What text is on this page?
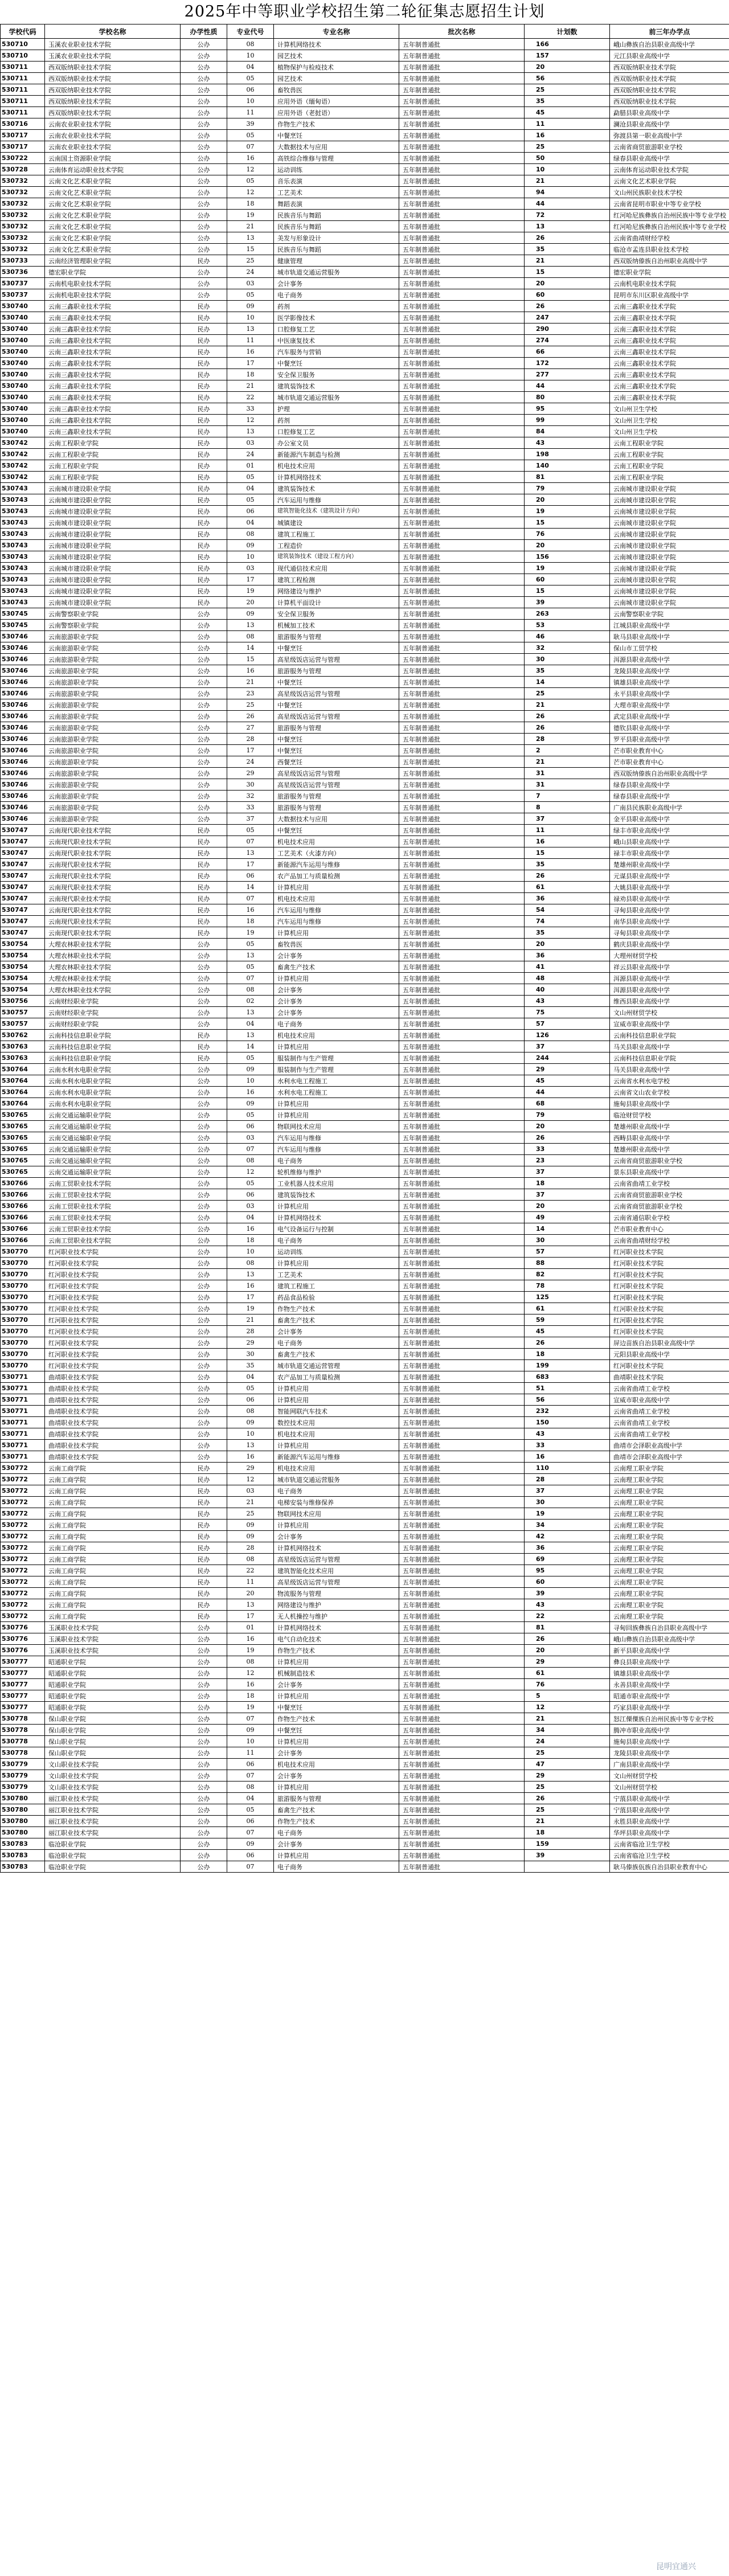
2025年中等职业学校招生第二轮征集志愿招生计划
学校代码	学校名称	办学性质	专业代号	专业名称	批次名称	计划数	前三年办学点
530710	玉溪农业职业技术学院	公办	08	计算机网络技术	五年制普通批	166	峨山彝族自治县职业高级中学
530710	玉溪农业职业技术学院	公办	10	园艺技术	五年制普通批	157	元江县职业高级中学
530711	西双版纳职业技术学院	公办	04	植物保护与检疫技术	五年制普通批	20	西双版纳职业技术学院
530711	西双版纳职业技术学院	公办	05	园艺技术	五年制普通批	56	西双版纳职业技术学院
530711	西双版纳职业技术学院	公办	06	畜牧兽医	五年制普通批	25	西双版纳职业技术学院
530711	西双版纳职业技术学院	公办	10	应用外语（缅甸语）	五年制普通批	35	西双版纳职业技术学院
530711	西双版纳职业技术学院	公办	11	应用外语（老挝语）	五年制普通批	45	勐腊县职业高级中学
530716	云南农业职业技术学院	公办	39	作物生产技术	五年制普通批	11	澜沧县职业高级中学
530717	云南农业职业技术学院	公办	05	中餐烹饪	五年制普通批	16	弥渡县第一职业高级中学
530717	云南农业职业技术学院	公办	07	大数据技术与应用	五年制普通批	25	云南省商贸旅游职业学校
530722	云南国土资源职业学院	公办	16	高铁综合维修与管理	五年制普通批	50	绿春县职业高级中学
530728	云南体育运动职业技术学院	公办	12	运动训练	五年制普通批	10	云南体育运动职业技术学院
530732	云南文化艺术职业学院	公办	05	音乐表演	五年制普通批	21	云南文化艺术职业学院
530732	云南文化艺术职业学院	公办	12	工艺美术	五年制普通批	94	文山州民族职业技术学校
530732	云南文化艺术职业学院	公办	18	舞蹈表演	五年制普通批	44	云南省昆明市职业中等专业学校
530732	云南文化艺术职业学院	公办	19	民族音乐与舞蹈	五年制普通批	72	红河哈尼族彝族自治州民族中等专业学校
530732	云南文化艺术职业学院	公办	21	民族音乐与舞蹈	五年制普通批	13	红河哈尼族彝族自治州民族中等专业学校
530732	云南文化艺术职业学院	公办	13	美发与形象设计	五年制普通批	26	云南省曲靖财经学校
530732	云南文化艺术职业学院	公办	15	民族音乐与舞蹈	五年制普通批	35	临沧市孟连县职业技术学校
530733	云南经济管理职业学院	民办	25	健康管理	五年制普通批	21	西双版纳傣族自治州职业高级中学
530736	德宏职业学院	公办	24	城市轨道交通运营服务	五年制普通批	15	德宏职业学院
530737	云南机电职业技术学院	公办	03	会计事务	五年制普通批	20	云南机电职业技术学院
530737	云南机电职业技术学院	公办	05	电子商务	五年制普通批	60	昆明市东川区职业高级中学
530740	云南三鑫职业技术学院	民办	09	药剂	五年制普通批	26	云南三鑫职业技术学院
530740	云南三鑫职业技术学院	民办	10	医学影像技术	五年制普通批	247	云南三鑫职业技术学院
530740	云南三鑫职业技术学院	民办	13	口腔修复工艺	五年制普通批	290	云南三鑫职业技术学院
530740	云南三鑫职业技术学院	民办	11	中医康复技术	五年制普通批	274	云南三鑫职业技术学院
530740	云南三鑫职业技术学院	民办	16	汽车服务与营销	五年制普通批	66	云南三鑫职业技术学院
530740	云南三鑫职业技术学院	民办	17	中餐烹饪	五年制普通批	172	云南三鑫职业技术学院
530740	云南三鑫职业技术学院	民办	18	安全保卫服务	五年制普通批	277	云南三鑫职业技术学院
530740	云南三鑫职业技术学院	民办	21	建筑装饰技术	五年制普通批	44	云南三鑫职业技术学院
530740	云南三鑫职业技术学院	民办	22	城市轨道交通运营服务	五年制普通批	80	云南三鑫职业技术学院
530740	云南三鑫职业技术学院	民办	33	护理	五年制普通批	95	文山州卫生学校
530740	云南三鑫职业技术学院	民办	12	药剂	五年制普通批	99	文山州卫生学校
530740	云南三鑫职业技术学院	民办	13	口腔修复工艺	五年制普通批	84	文山州卫生学校
530742	云南工程职业学院	民办	03	办公室文员	五年制普通批	43	云南工程职业学院
530742	云南工程职业学院	民办	24	新能源汽车制造与检测	五年制普通批	198	云南工程职业学院
530742	云南工程职业学院	民办	01	机电技术应用	五年制普通批	140	云南工程职业学院
530742	云南工程职业学院	民办	05	计算机网络技术	五年制普通批	81	云南工程职业学院
530743	云南城市建设职业学院	民办	04	建筑装饰技术	五年制普通批	79	云南城市建设职业学院
530743	云南城市建设职业学院	民办	05	汽车运用与维修	五年制普通批	20	云南城市建设职业学院
530743	云南城市建设职业学院	民办	06	建筑智能化技术（建筑设计方向）	五年制普通批	19	云南城市建设职业学院
530743	云南城市建设职业学院	民办	04	城镇建设	五年制普通批	15	云南城市建设职业学院
530743	云南城市建设职业学院	民办	08	建筑工程施工	五年制普通批	76	云南城市建设职业学院
530743	云南城市建设职业学院	民办	09	工程造价	五年制普通批	20	云南城市建设职业学院
530743	云南城市建设职业学院	民办	10	建筑装饰技术（建设工程方向）	五年制普通批	156	云南城市建设职业学院
530743	云南城市建设职业学院	民办	03	现代通信技术应用	五年制普通批	19	云南城市建设职业学院
530743	云南城市建设职业学院	民办	17	建筑工程检测	五年制普通批	60	云南城市建设职业学院
530743	云南城市建设职业学院	民办	19	网络建设与维护	五年制普通批	15	云南城市建设职业学院
530743	云南城市建设职业学院	民办	20	计算机平面设计	五年制普通批	39	云南城市建设职业学院
530745	云南警察职业学院	公办	09	安全保卫服务	五年制普通批	263	云南警察职业学院
530745	云南警察职业学院	公办	13	机械加工技术	五年制普通批	53	江城县职业高级中学
530746	云南旅游职业学院	公办	08	旅游服务与管理	五年制普通批	46	耿马县职业高级中学
530746	云南旅游职业学院	公办	14	中餐烹饪	五年制普通批	32	保山市工贸学校
530746	云南旅游职业学院	公办	15	高星级饭店运营与管理	五年制普通批	30	洱源县职业高级中学
530746	云南旅游职业学院	公办	16	旅游服务与管理	五年制普通批	35	龙陵县职业高级中学
530746	云南旅游职业学院	公办	21	中餐烹饪	五年制普通批	14	镇雄县职业高级中学
530746	云南旅游职业学院	公办	23	高星级饭店运营与管理	五年制普通批	25	永平县职业高级中学
530746	云南旅游职业学院	公办	25	中餐烹饪	五年制普通批	21	大理市职业高级中学
530746	云南旅游职业学院	公办	26	高星级饭店运营与管理	五年制普通批	26	武定县职业高级中学
530746	云南旅游职业学院	公办	27	旅游服务与管理	五年制普通批	26	德钦县职业高级中学
530746	云南旅游职业学院	公办	28	中餐烹饪	五年制普通批	28	罗平县职业高级中学
530746	云南旅游职业学院	公办	17	中餐烹饪	五年制普通批	2	芒市职业教育中心
530746	云南旅游职业学院	公办	24	西餐烹饪	五年制普通批	21	芒市职业教育中心
530746	云南旅游职业学院	公办	29	高星级饭店运营与管理	五年制普通批	31	西双版纳傣族自治州职业高级中学
530746	云南旅游职业学院	公办	30	高星级饭店运营与管理	五年制普通批	31	绿春县职业高级中学
530746	云南旅游职业学院	公办	32	旅游服务与管理	五年制普通批	7	绿春县职业高级中学
530746	云南旅游职业学院	公办	33	旅游服务与管理	五年制普通批	8	广南县民族职业高级中学
530746	云南旅游职业学院	公办	37	大数据技术与应用	五年制普通批	37	金平县职业高级中学
530747	云南现代职业技术学院	民办	05	中餐烹饪	五年制普通批	11	绿丰市职业高级中学
530747	云南现代职业技术学院	民办	07	机电技术应用	五年制普通批	16	峨山县职业高级中学
530747	云南现代职业技术学院	民办	13	工艺美术（火漆方向）	五年制普通批	15	禄丰市职业高级中学
530747	云南现代职业技术学院	民办	17	新能源汽车运用与维修	五年制普通批	35	楚雄州职业高级中学
530747	云南现代职业技术学院	民办	06	农产品加工与质量检测	五年制普通批	26	元谋县职业高级中学
530747	云南现代职业技术学院	民办	14	计算机应用	五年制普通批	61	大姚县职业高级中学
530747	云南现代职业技术学院	民办	07	机电技术应用	五年制普通批	36	禄劝县职业高级中学
530747	云南现代职业技术学院	民办	16	汽车运用与维修	五年制普通批	54	寻甸县职业高级中学
530747	云南现代职业技术学院	民办	18	汽车运用与维修	五年制普通批	74	南华县职业高级中学
530747	云南现代职业技术学院	民办	19	计算机应用	五年制普通批	35	寻甸县职业高级中学
530754	大理农林职业技术学院	公办	05	畜牧兽医	五年制普通批	20	鹤庆县职业高级中学
530754	大理农林职业技术学院	公办	13	会计事务	五年制普通批	36	大理州财贸学校
530754	大理农林职业技术学院	公办	05	畜禽生产技术	五年制普通批	41	祥云县职业高级中学
530754	大理农林职业技术学院	公办	07	计算机应用	五年制普通批	48	洱源县职业高级中学
530754	大理农林职业技术学院	公办	08	会计事务	五年制普通批	40	洱源县职业高级中学
530756	云南财经职业学院	公办	02	会计事务	五年制普通批	43	维西县职业高级中学
530757	云南财经职业学院	公办	13	会计事务	五年制普通批	75	文山州财贸学校
530757	云南财经职业学院	公办	04	电子商务	五年制普通批	57	宣威市职业高级中学
530762	云南科技信息职业学院	民办	13	机电技术应用	五年制普通批	126	云南科技信息职业学院
530763	云南科技信息职业学院	民办	14	计算机应用	五年制普通批	37	马关县职业高级中学
530763	云南科技信息职业学院	民办	05	服装制作与生产管理	五年制普通批	244	云南科技信息职业学院
530764	云南水利水电职业学院	公办	09	服装制作与生产管理	五年制普通批	29	马关县职业高级中学
530764	云南水利水电职业学院	公办	10	水利水电工程施工	五年制普通批	45	云南省水利水电学校
530764	云南水利水电职业学院	公办	16	水利水电工程施工	五年制普通批	44	云南省文山农业学校
530764	云南水利水电职业学院	公办	09	计算机应用	五年制普通批	68	施甸县职业高级中学
530765	云南交通运输职业学院	公办	05	计算机应用	五年制普通批	79	临沧财贸学校
530765	云南交通运输职业学院	公办	06	物联网技术应用	五年制普通批	20	楚雄州职业高级中学
530765	云南交通运输职业学院	公办	03	汽车运用与维修	五年制普通批	26	西畴县职业高级中学
530765	云南交通运输职业学院	公办	07	汽车运用与维修	五年制普通批	33	楚雄州职业高级中学
530765	云南交通运输职业学院	公办	08	电子商务	五年制普通批	23	云南省商贸旅游职业学校
530765	云南交通运输职业学院	公办	12	轮机维修与维护	五年制普通批	37	景东县职业高级中学
530766	云南工贸职业技术学院	公办	05	工业机器人技术应用	五年制普通批	18	云南省曲靖工业学校
530766	云南工贸职业技术学院	公办	06	建筑装饰技术	五年制普通批	37	云南省商贸旅游职业学校
530766	云南工贸职业技术学院	公办	03	计算机应用	五年制普通批	20	云南省商贸旅游职业学校
530766	云南工贸职业技术学院	公办	04	计算机网络技术	五年制普通批	49	云南省通信职业学校
530766	云南工贸职业技术学院	公办	16	电气设备运行与控制	五年制普通批	14	芒市职业教育中心
530766	云南工贸职业技术学院	公办	18	电子商务	五年制普通批	30	云南省曲靖财经学校
530770	红河职业技术学院	公办	10	运动训练	五年制普通批	57	红河职业技术学院
530770	红河职业技术学院	公办	08	计算机应用	五年制普通批	88	红河职业技术学院
530770	红河职业技术学院	公办	13	工艺美术	五年制普通批	82	红河职业技术学院
530770	红河职业技术学院	公办	16	建筑工程施工	五年制普通批	78	红河职业技术学院
530770	红河职业技术学院	公办	17	药品食品检验	五年制普通批	125	红河职业技术学院
530770	红河职业技术学院	公办	19	作物生产技术	五年制普通批	61	红河职业技术学院
530770	红河职业技术学院	公办	21	畜禽生产技术	五年制普通批	59	红河职业技术学院
530770	红河职业技术学院	公办	28	会计事务	五年制普通批	45	红河职业技术学院
530770	红河职业技术学院	公办	29	电子商务	五年制普通批	26	屏边苗族自治县职业高级中学
530770	红河职业技术学院	公办	30	畜禽生产技术	五年制普通批	18	元阳县职业高级中学
530770	红河职业技术学院	公办	35	城市轨道交通运营管理	五年制普通批	199	红河职业技术学院
530771	曲靖职业技术学院	公办	04	农产品加工与质量检测	五年制普通批	683	曲靖职业技术学院
530771	曲靖职业技术学院	公办	05	计算机应用	五年制普通批	51	云南省曲靖工业学校
530771	曲靖职业技术学院	公办	06	计算机应用	五年制普通批	56	宣威市职业高级中学
530771	曲靖职业技术学院	公办	08	智能网联汽车技术	五年制普通批	232	云南省曲靖工业学校
530771	曲靖职业技术学院	公办	09	数控技术应用	五年制普通批	150	云南省曲靖工业学校
530771	曲靖职业技术学院	公办	10	机电技术应用	五年制普通批	43	云南省曲靖工业学校
530771	曲靖职业技术学院	公办	13	计算机应用	五年制普通批	33	曲靖市会泽职业高级中学
530771	曲靖职业技术学院	公办	16	新能源汽车运用与维修	五年制普通批	16	曲靖市会泽职业高级中学
530772	云南工商学院	民办	29	机电技术应用	五年制普通批	110	云南理工职业学院
530772	云南工商学院	民办	12	城市轨道交通运营服务	五年制普通批	28	云南理工职业学院
530772	云南工商学院	民办	03	电子商务	五年制普通批	37	云南理工职业学院
530772	云南工商学院	民办	21	电梯安装与维修保养	五年制普通批	30	云南理工职业学院
530772	云南工商学院	民办	25	物联网技术应用	五年制普通批	19	云南理工职业学院
530772	云南工商学院	民办	09	计算机应用	五年制普通批	34	云南理工职业学院
530772	云南工商学院	民办	09	会计事务	五年制普通批	42	云南理工职业学院
530772	云南工商学院	民办	28	计算机网络技术	五年制普通批	36	云南理工职业学院
530772	云南工商学院	民办	08	高星级饭店运营与管理	五年制普通批	69	云南理工职业学院
530772	云南工商学院	民办	22	建筑智能化技术应用	五年制普通批	95	云南理工职业学院
530772	云南工商学院	民办	11	高星级饭店运营与管理	五年制普通批	60	云南理工职业学院
530772	云南工商学院	民办	20	物流服务与管理	五年制普通批	39	云南理工职业学院
530772	云南工商学院	民办	13	网络建设与维护	五年制普通批	43	云南理工职业学院
530772	云南工商学院	民办	17	无人机操控与维护	五年制普通批	22	云南理工职业学院
530776	玉溪职业技术学院	公办	01	计算机网络技术	五年制普通批	81	寻甸回族彝族自治县职业高级中学
530776	玉溪职业技术学院	公办	16	电气自动化技术	五年制普通批	26	峨山彝族自治县职业高级中学
530776	玉溪职业技术学院	公办	19	作物生产技术	五年制普通批	20	新平县职业高级中学
530777	昭通职业学院	公办	08	计算机应用	五年制普通批	29	彝良县职业高级中学
530777	昭通职业学院	公办	12	机械制造技术	五年制普通批	61	镇雄县职业高级中学
530777	昭通职业学院	公办	16	会计事务	五年制普通批	76	永善县职业高级中学
530777	昭通职业学院	公办	18	计算机应用	五年制普通批	5	昭通市职业高级中学
530777	昭通职业学院	公办	19	中餐烹饪	五年制普通批	12	巧家县职业高级中学
530778	保山职业学院	公办	07	作物生产技术	五年制普通批	21	怒江傈僳族自治州民族中等专业学校
530778	保山职业学院	公办	09	中餐烹饪	五年制普通批	34	腾冲市职业高级中学
530778	保山职业学院	公办	10	计算机应用	五年制普通批	24	施甸县职业高级中学
530778	保山职业学院	公办	11	会计事务	五年制普通批	25	龙陵县职业高级中学
530779	文山职业技术学院	公办	06	机电技术应用	五年制普通批	47	广南县职业高级中学
530779	文山职业技术学院	公办	07	会计事务	五年制普通批	29	文山州财贸学校
530779	文山职业技术学院	公办	08	计算机应用	五年制普通批	25	文山州财贸学校
530780	丽江职业技术学院	公办	04	旅游服务与管理	五年制普通批	26	宁蒗县职业高级中学
530780	丽江职业技术学院	公办	05	畜禽生产技术	五年制普通批	25	宁蒗县职业高级中学
530780	丽江职业技术学院	公办	06	作物生产技术	五年制普通批	21	永胜县职业高级中学
530780	丽江职业技术学院	公办	07	电子商务	五年制普通批	18	华坪县职业高级中学
530783	临沧职业学院	公办	09	会计事务	五年制普通批	159	云南省临沧卫生学校
530783	临沧职业学院	公办	06	计算机应用	五年制普通批	39	云南省临沧卫生学校
530783	临沧职业学院	公办	07	电子商务	五年制普通批		耿马傣族佤族自治县职业教育中心
昆明宜通兴
